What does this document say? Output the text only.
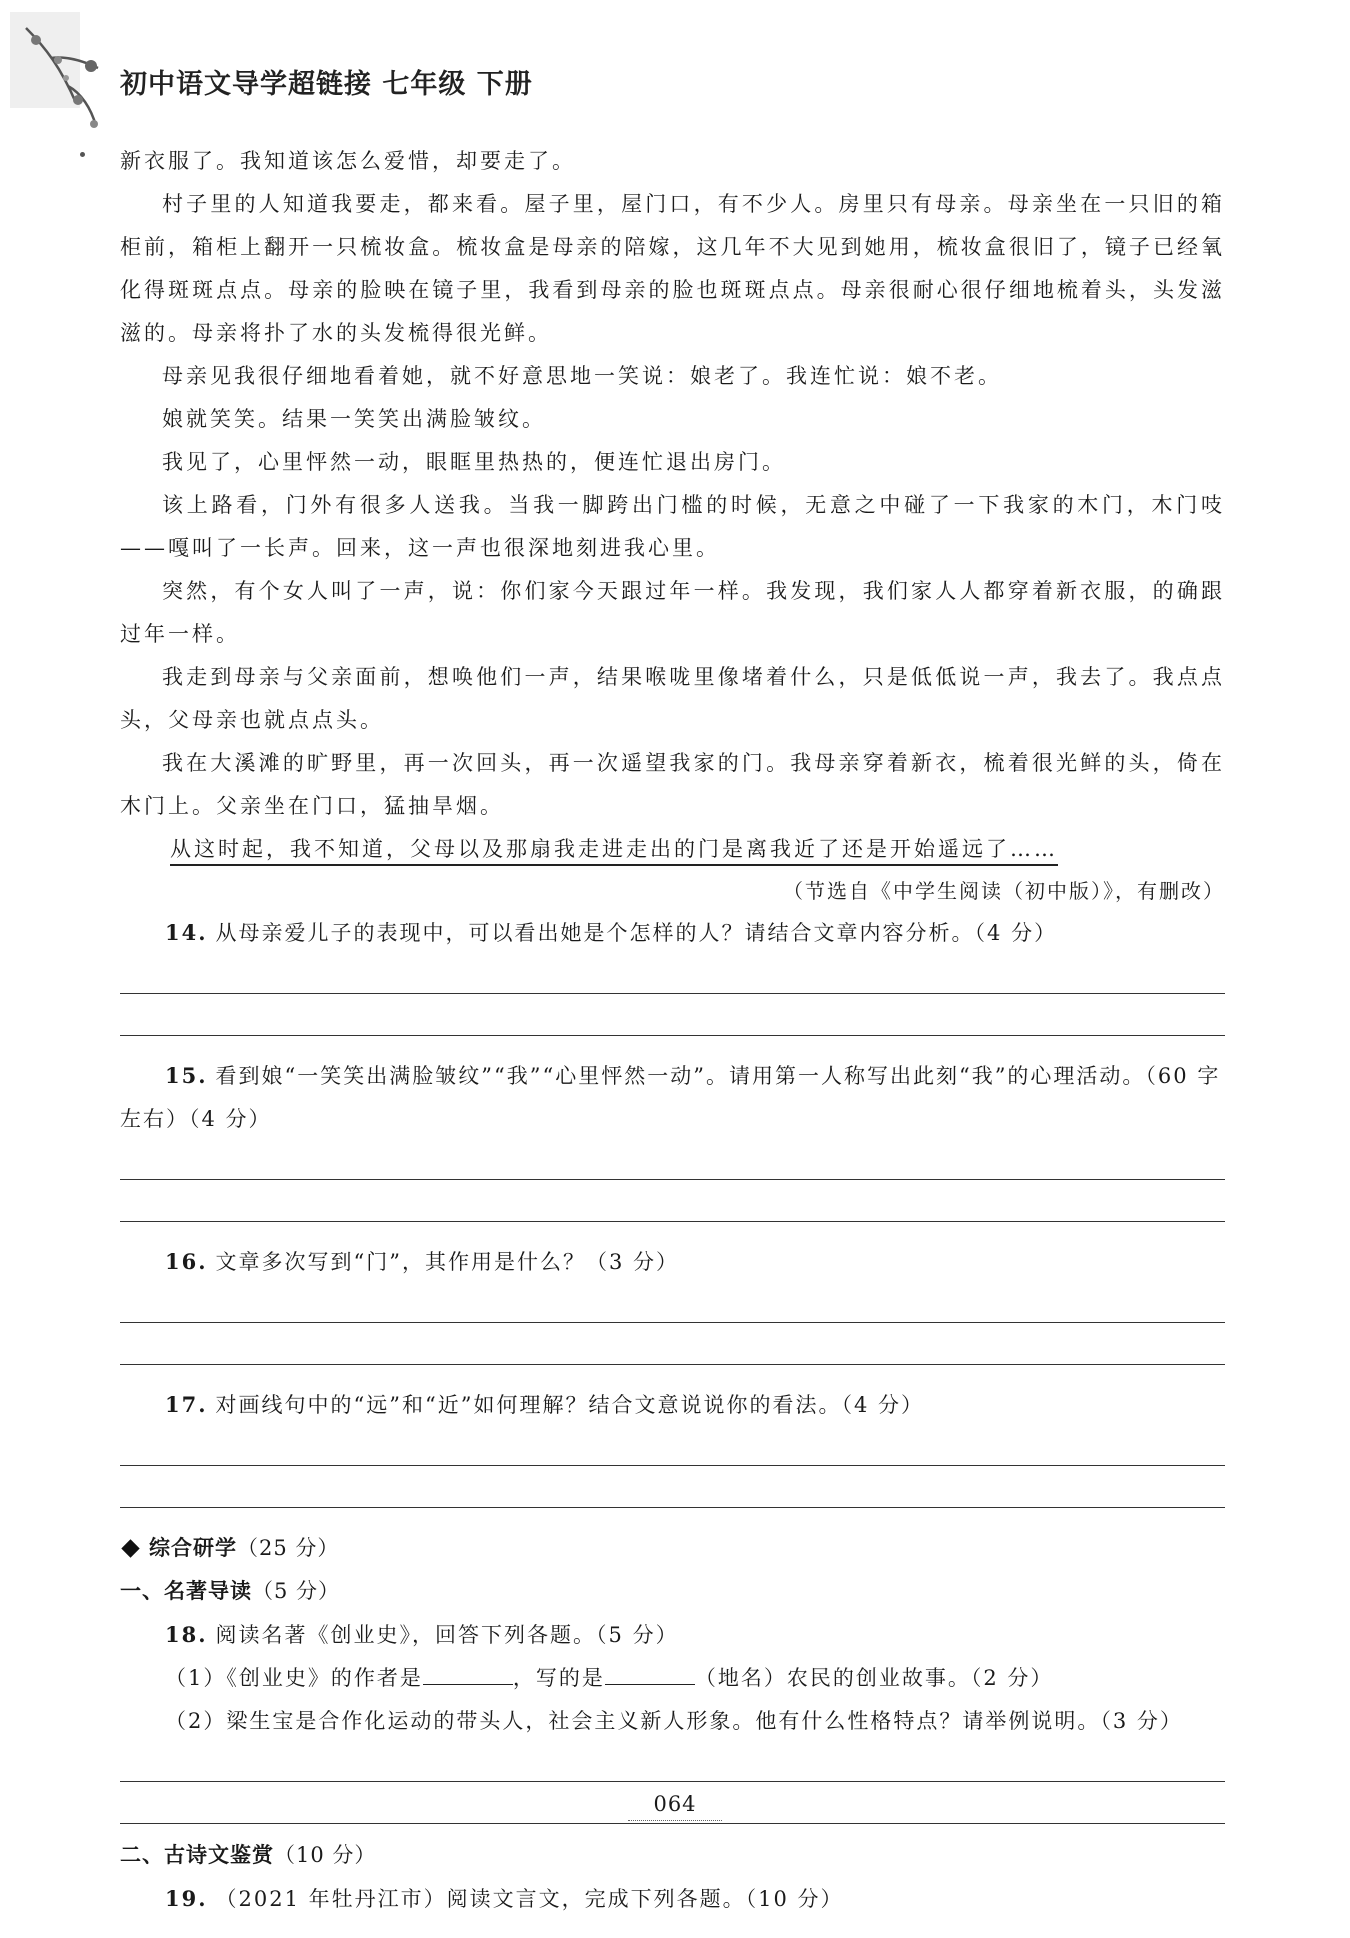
初中语文导学超链接 七年级 下册

新衣服了。我知道该怎么爱惜，却要走了。

村子里的人知道我要走，都来看。屋子里，屋门口，有不少人。房里只有母亲。母亲坐在一只旧的箱柜前，箱柜上翻开一只梳妆盒。梳妆盒是母亲的陪嫁，这几年不大见到她用，梳妆盒很旧了，镜子已经氧化得斑斑点点。母亲的脸映在镜子里，我看到母亲的脸也斑斑点点。母亲很耐心很仔细地梳着头，头发滋滋的。母亲将扑了水的头发梳得很光鲜。

母亲见我很仔细地看着她，就不好意思地一笑说：娘老了。我连忙说：娘不老。

娘就笑笑。结果一笑笑出满脸皱纹。

我见了，心里怦然一动，眼眶里热热的，便连忙退出房门。

该上路看，门外有很多人送我。当我一脚跨出门槛的时候，无意之中碰了一下我家的木门，木门吱——嘎叫了一长声。回来，这一声也很深地刻进我心里。

突然，有个女人叫了一声，说：你们家今天跟过年一样。我发现，我们家人人都穿着新衣服，的确跟过年一样。

我走到母亲与父亲面前，想唤他们一声，结果喉咙里像堵着什么，只是低低说一声，我去了。我点点头，父母亲也就点点头。

我在大溪滩的旷野里，再一次回头，再一次遥望我家的门。我母亲穿着新衣，梳着很光鲜的头，倚在木门上。父亲坐在门口，猛抽旱烟。

从这时起，我不知道，父母以及那扇我走进走出的门是离我近了还是开始遥远了……

（节选自《中学生阅读（初中版）》，有删改）

14. 从母亲爱儿子的表现中，可以看出她是个怎样的人？请结合文章内容分析。（4 分）

15. 看到娘“一笑笑出满脸皱纹”“我”“心里怦然一动”。请用第一人称写出此刻“我”的心理活动。（60 字左右）（4 分）

16. 文章多次写到“门”，其作用是什么？（3 分）

17. 对画线句中的“远”和“近”如何理解？结合文意说说你的看法。（4 分）

综合研学（25 分）

一、名著导读（5 分）

18. 阅读名著《创业史》，回答下列各题。（5 分）

（1）《创业史》的作者是	，写的是	（地名）农民的创业故事。（2 分）

（2）梁生宝是合作化运动的带头人，社会主义新人形象。他有什么性格特点？请举例说明。（3 分）

二、古诗文鉴赏（10 分）

19. （2021 年牡丹江市）阅读文言文，完成下列各题。（10 分）

064
